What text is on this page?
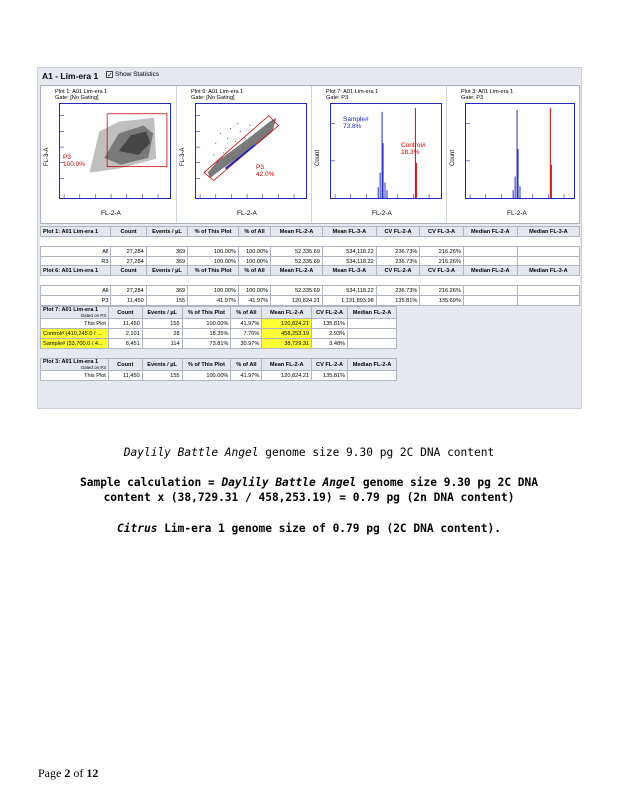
A1 - Lim-era 1 ✓ Show Statistics
Plot 1: A01 Lim-era 1
Gate: [No Gating]
P3
100.0%
FL-3-A
FL-2-A
Plot 6: A01 Lim-era 1
Gate: [No Gating]
P3
42.0%
FL-3-A
FL-2-A
Plot 7: A01 Lim-era 1
Gate: P3
Sample#
73.8%
Control#
18.3%
Count
FL-2-A
Plot 3: A01 Lim-era 1
Gate: P3
Count
FL-2-A
Plot 1: A01 Lim-era 1	Count	Events / µL	% of This Plot	% of All	Mean FL-2-A	Mean FL-3-A	CV FL-2-A	CV FL-3-A	Median FL-2-A	Median FL-3-A

All	27,284	369	100.00%	100.00%	52,335.69	534,118.22	236.73%	216.26%		
R3	27,284	369	100.00%	100.00%	52,335.69	534,118.22	236.73%	216.26%		
Plot 6: A01 Lim-era 1	Count	Events / µL	% of This Plot	% of All	Mean FL-2-A	Mean FL-3-A	CV FL-2-A	CV FL-3-A	Median FL-2-A	Median FL-3-A

All	27,284	369	100.00%	100.00%	52,335.69	534,118.22	236.73%	216.26%		
P3	11,450	155	41.97%	41.97%	120,824.21	1,131,893.98	135.81%	135.69%		
Plot 7: A01 Lim-era 1
Gated on P3	Count	Events / µL	% of This Plot	% of All	Mean FL-2-A	CV FL-2-A	Median FL-2-A
This Plot	11,450	155	100.00%	41.97%	120,824.21	135.81%	
Control# (410,245.0 / ...	2,101	28	18.35%	7.70%	458,253.19	2.93%	
Sample# (33,700.0 / 4...	8,451	114	73.81%	30.97%	38,729.31	3.48%	
Plot 3: A01 Lim-era 1
Gated on P3	Count	Events / µL	% of This Plot	% of All	Mean FL-2-A	CV FL-2-A	Median FL-2-A
This Plot	11,450	155	100.00%	41.97%	120,824.21	135.81%	
Daylily Battle Angel genome size 9.30 pg 2C DNA content
Sample calculation = Daylily Battle Angel genome size 9.30 pg 2C DNA
content x (38,729.31 / 458,253.19) = 0.79 pg (2n DNA content)
Citrus Lim-era 1 genome size of 0.79 pg (2C DNA content).
Page 2 of 12
